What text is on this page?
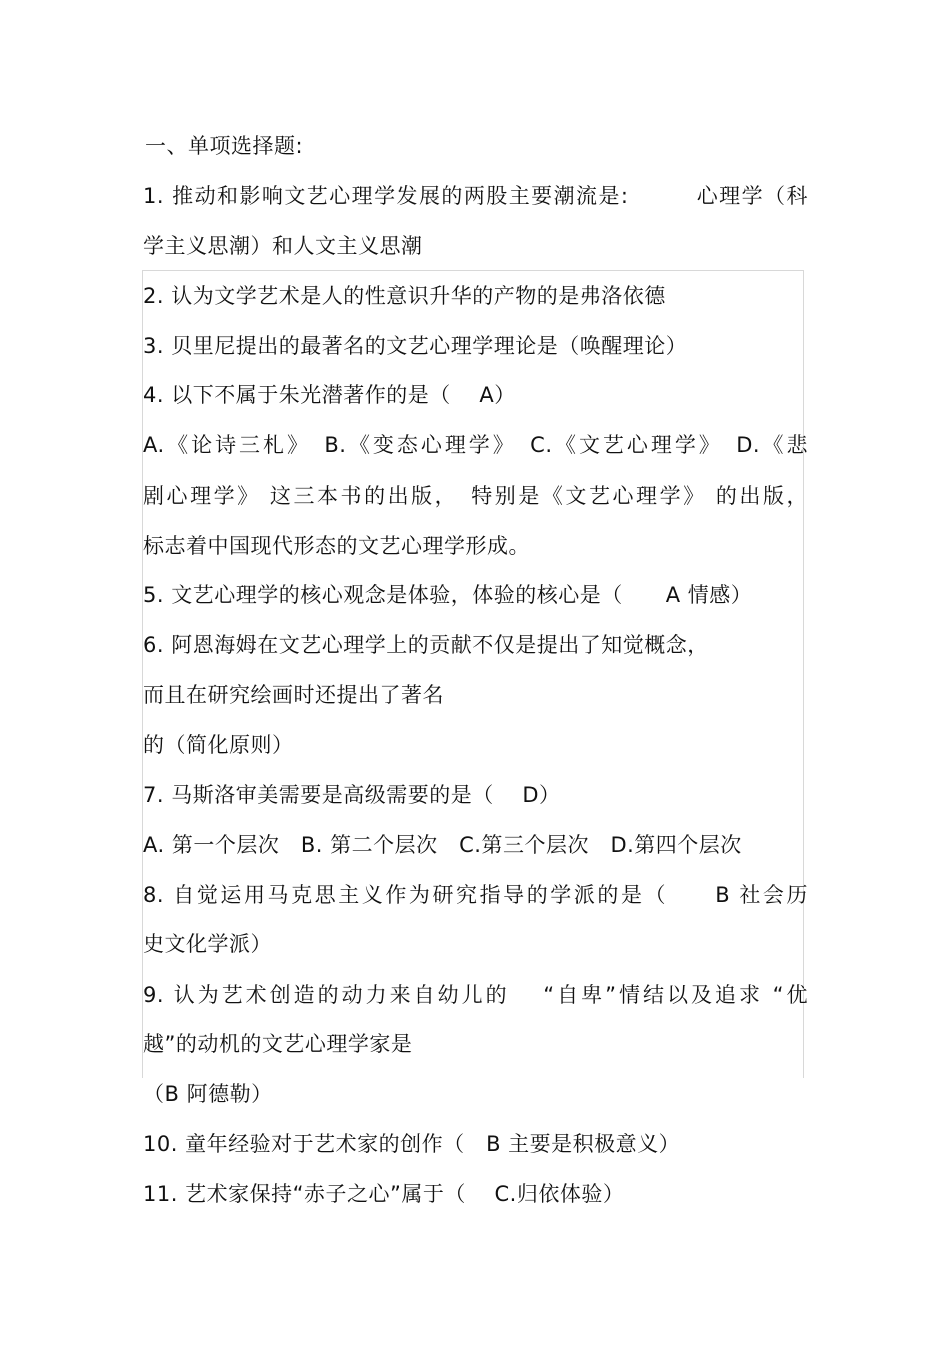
一、单项选择题:
1. 推动和影响文艺心理学发展的两股主要潮流是:　　　心理学（科
学主义思潮）和人文主义思潮
2. 认为文学艺术是人的性意识升华的产物的是弗洛依德
3. 贝里尼提出的最著名的文艺心理学理论是（唤醒理论）
4. 以下不属于朱光潜著作的是（　 A）
A.《论诗三札》　B.《变态心理学》　C.《文艺心理学》　D.《悲
剧心理学》 这三本书的出版，　特别是《文艺心理学》 的出版，
标志着中国现代形态的文艺心理学形成。
5. 文艺心理学的核心观念是体验，体验的核心是（　　A 情感）
6. 阿恩海姆在文艺心理学上的贡献不仅是提出了知觉概念，
而且在研究绘画时还提出了著名
的（简化原则）
7. 马斯洛审美需要是高级需要的是（　 D）
A. 第一个层次　B. 第二个层次　C.第三个层次　D.第四个层次
8. 自觉运用马克思主义作为研究指导的学派的是（　　B 社会历
史文化学派）
9. 认为艺术创造的动力来自幼儿的　 “自卑”情结以及追求 “优
越”的动机的文艺心理学家是
（B 阿德勒）
10. 童年经验对于艺术家的创作（　B 主要是积极意义）
11. 艺术家保持“赤子之心”属于（　 C.归依体验）
